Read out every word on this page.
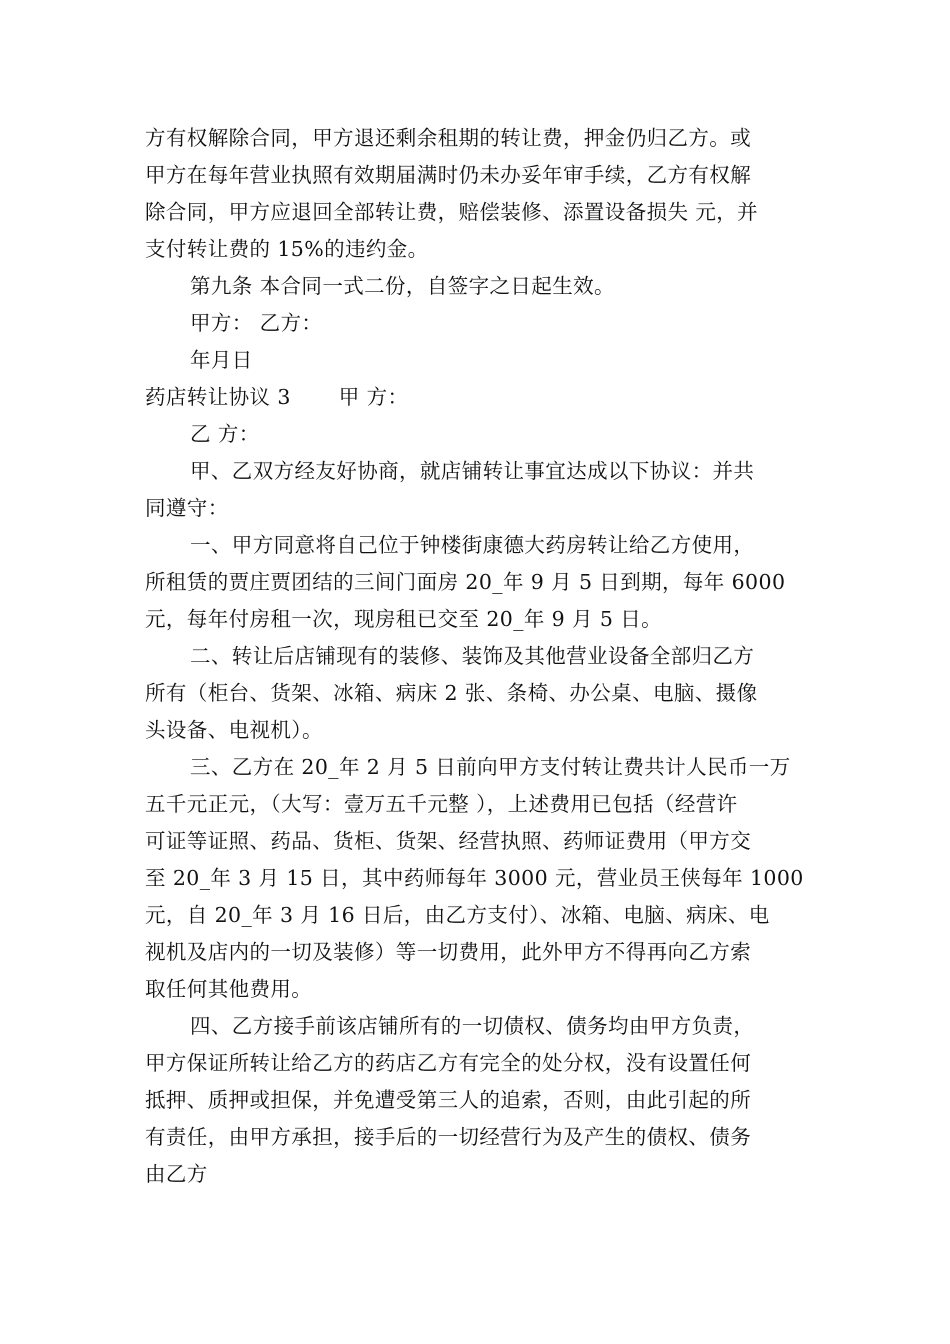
方有权解除合同，甲方退还剩余租期的转让费，押金仍归乙方。或
甲方在每年营业执照有效期届满时仍未办妥年审手续，乙方有权解
除合同，甲方应退回全部转让费，赔偿装修、添置设备损失 元，并
支付转让费的 15%的违约金。
第九条 本合同一式二份，自签字之日起生效。
甲方： 乙方：
年月日
药店转让协议 3 甲 方：
乙 方：
甲、乙双方经友好协商，就店铺转让事宜达成以下协议：并共
同遵守：
一、甲方同意将自己位于钟楼街康德大药房转让给乙方使用，
所租赁的贾庄贾团结的三间门面房 20_年 9 月 5 日到期，每年 6000
元，每年付房租一次，现房租已交至 20_年 9 月 5 日。
二、转让后店铺现有的装修、装饰及其他营业设备全部归乙方
所有（柜台、货架、冰箱、病床 2 张、条椅、办公桌、电脑、摄像
头设备、电视机）。
三、乙方在 20_年 2 月 5 日前向甲方支付转让费共计人民币一万
五千元正元，（大写：壹万五千元整 ），上述费用已包括（经营许
可证等证照、药品、货柜、货架、经营执照、药师证费用（甲方交
至 20_年 3 月 15 日，其中药师每年 3000 元，营业员王侠每年 1000
元，自 20_年 3 月 16 日后，由乙方支付）、冰箱、电脑、病床、电
视机及店内的一切及装修）等一切费用，此外甲方不得再向乙方索
取任何其他费用。
四、乙方接手前该店铺所有的一切债权、债务均由甲方负责，
甲方保证所转让给乙方的药店乙方有完全的处分权，没有设置任何
抵押、质押或担保，并免遭受第三人的追索，否则，由此引起的所
有责任，由甲方承担，接手后的一切经营行为及产生的债权、债务
由乙方
